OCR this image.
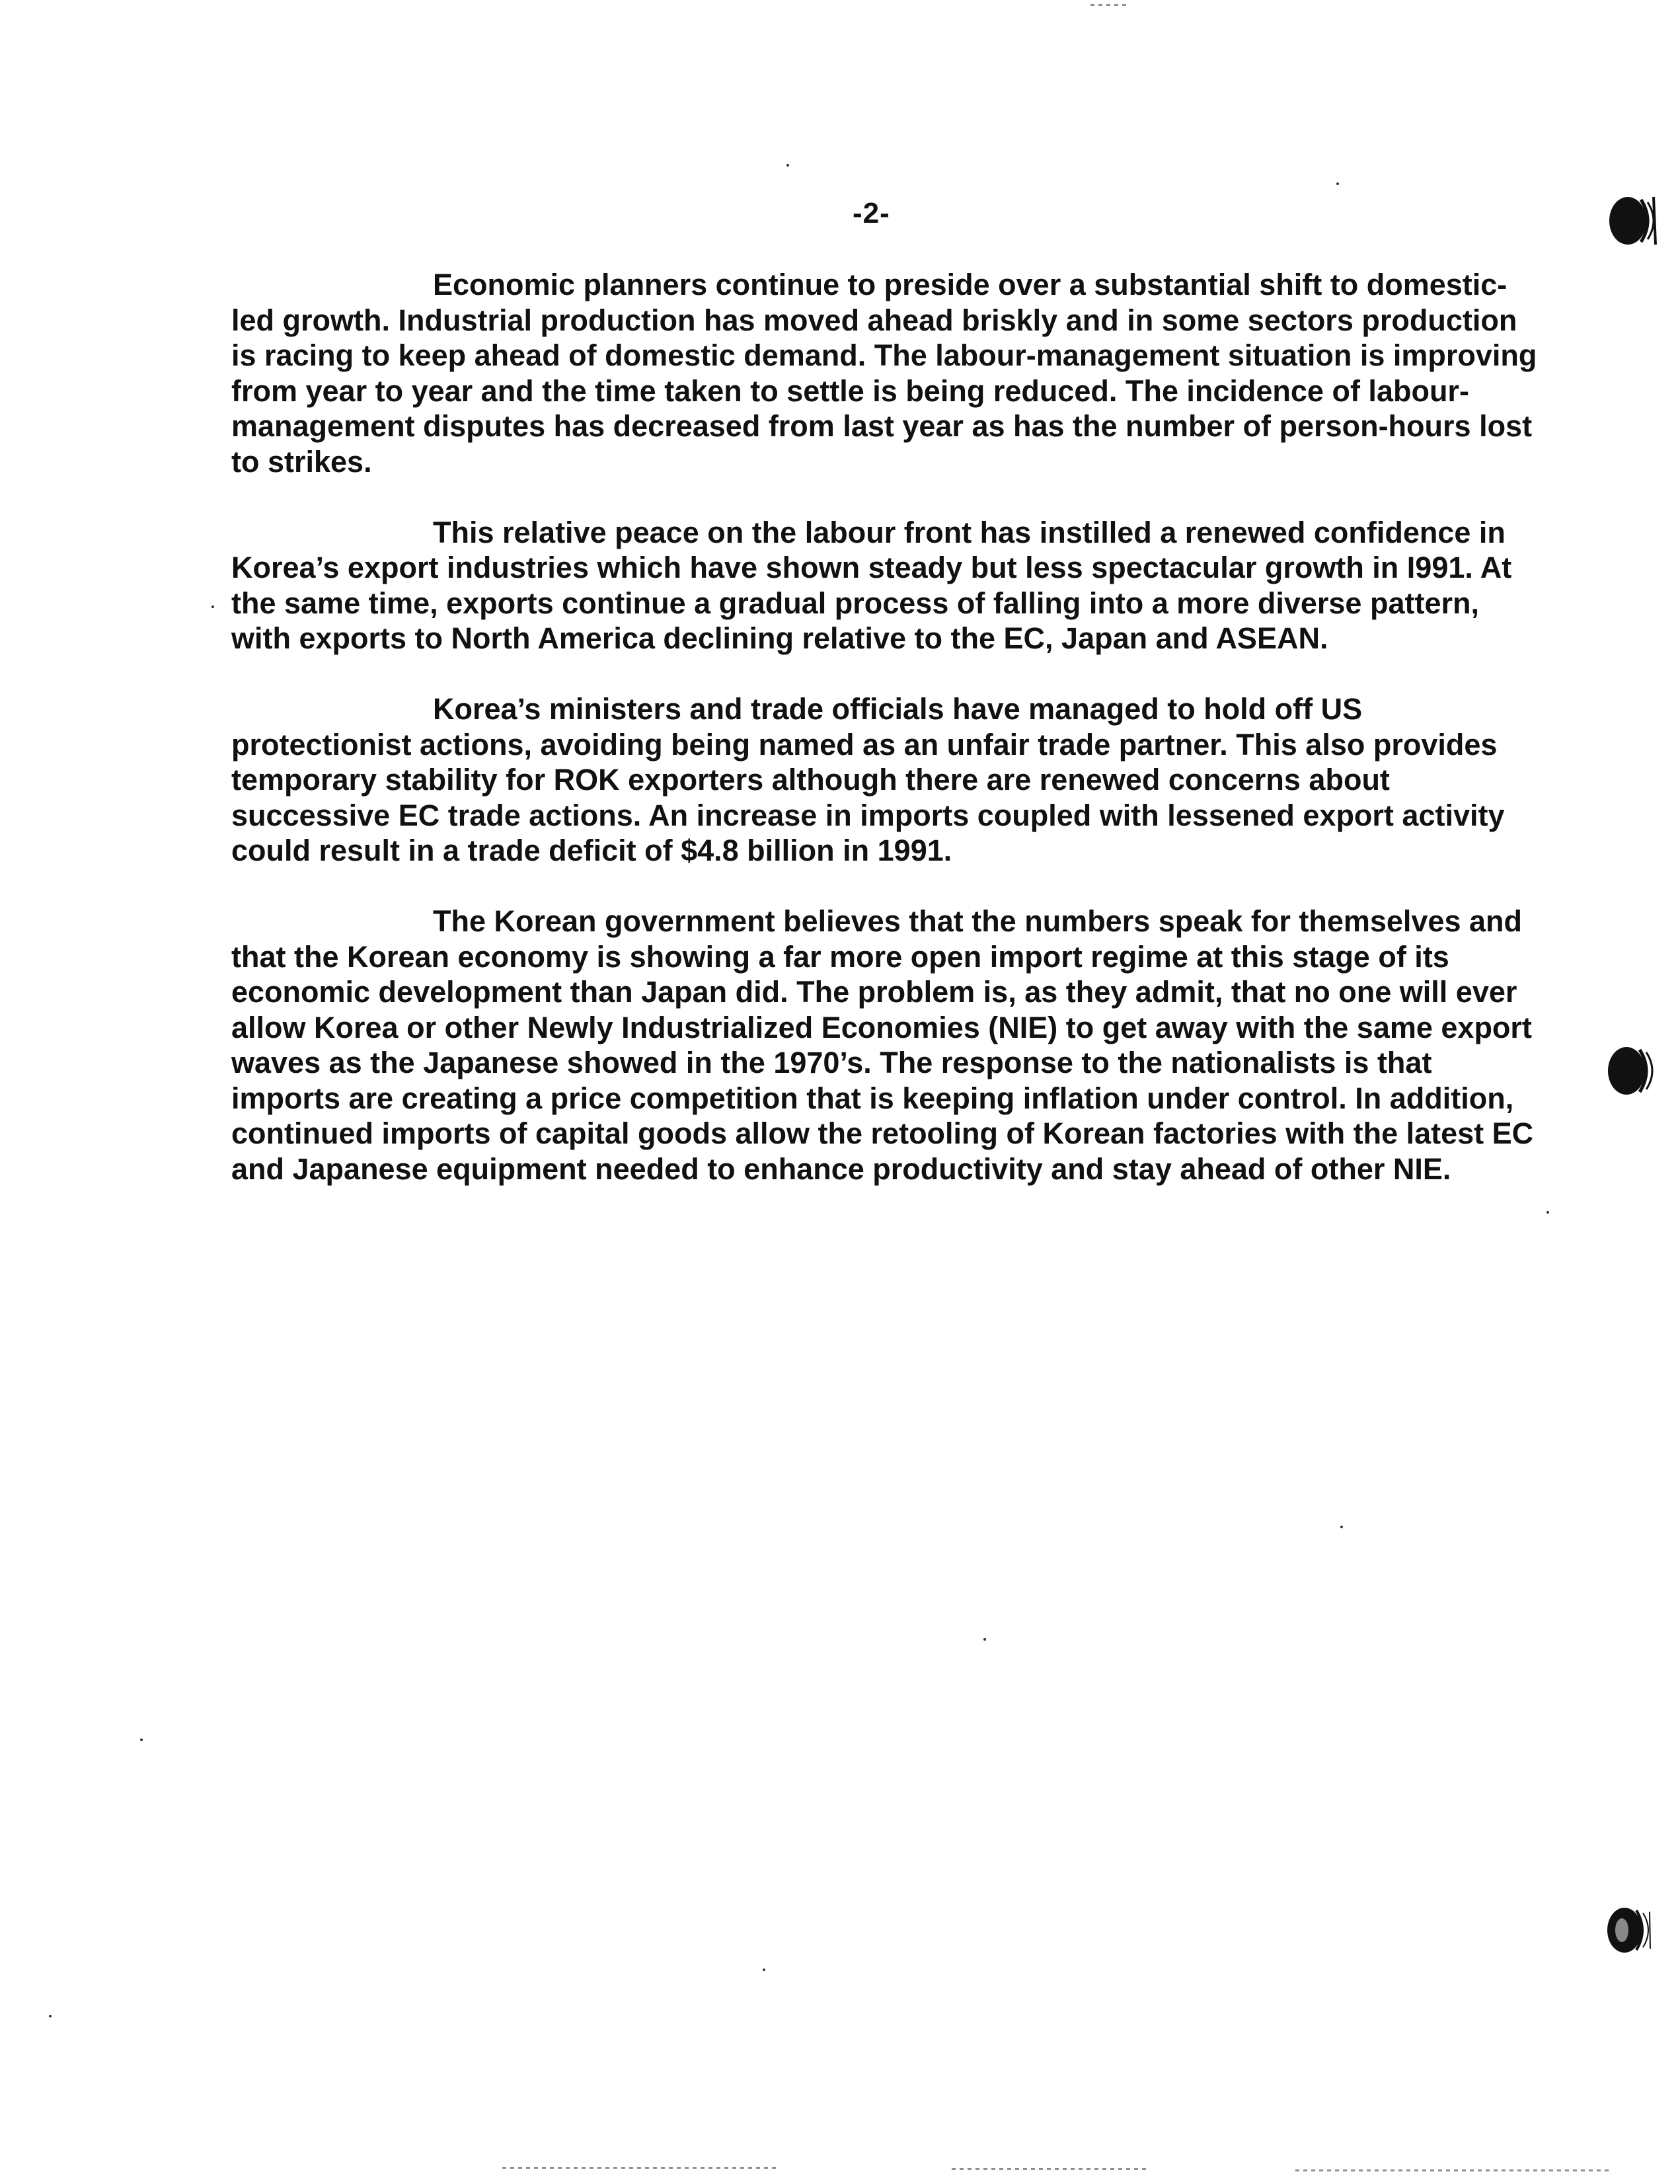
-2-

Economic planners continue to preside over a substantial shift to domestic-led growth. Industrial production has moved ahead briskly and in some sectors production is racing to keep ahead of domestic demand. The labour-management situation is improving from year to year and the time taken to settle is being reduced. The incidence of labour-management disputes has decreased from last year as has the number of person-hours lost to strikes.

This relative peace on the labour front has instilled a renewed confidence in Korea’s export industries which have shown steady but less spectacular growth in I991. At the same time, exports continue a gradual process of falling into a more diverse pattern, with exports to North America declining relative to the EC, Japan and ASEAN.

Korea’s ministers and trade officials have managed to hold off US protectionist actions, avoiding being named as an unfair trade partner. This also provides temporary stability for ROK exporters although there are renewed concerns about successive EC trade actions. An increase in imports coupled with lessened export activity could result in a trade deficit of $4.8 billion in 1991.

The Korean government believes that the numbers speak for themselves and that the Korean economy is showing a far more open import regime at this stage of its economic development than Japan did. The problem is, as they admit, that no one will ever allow Korea or other Newly Industrialized Economies (NIE) to get away with the same export waves as the Japanese showed in the 1970’s. The response to the nationalists is that imports are creating a price competition that is keeping inflation under control. In addition, continued imports of capital goods allow the retooling of Korean factories with the latest EC and Japanese equipment needed to enhance productivity and stay ahead of other NIE.
